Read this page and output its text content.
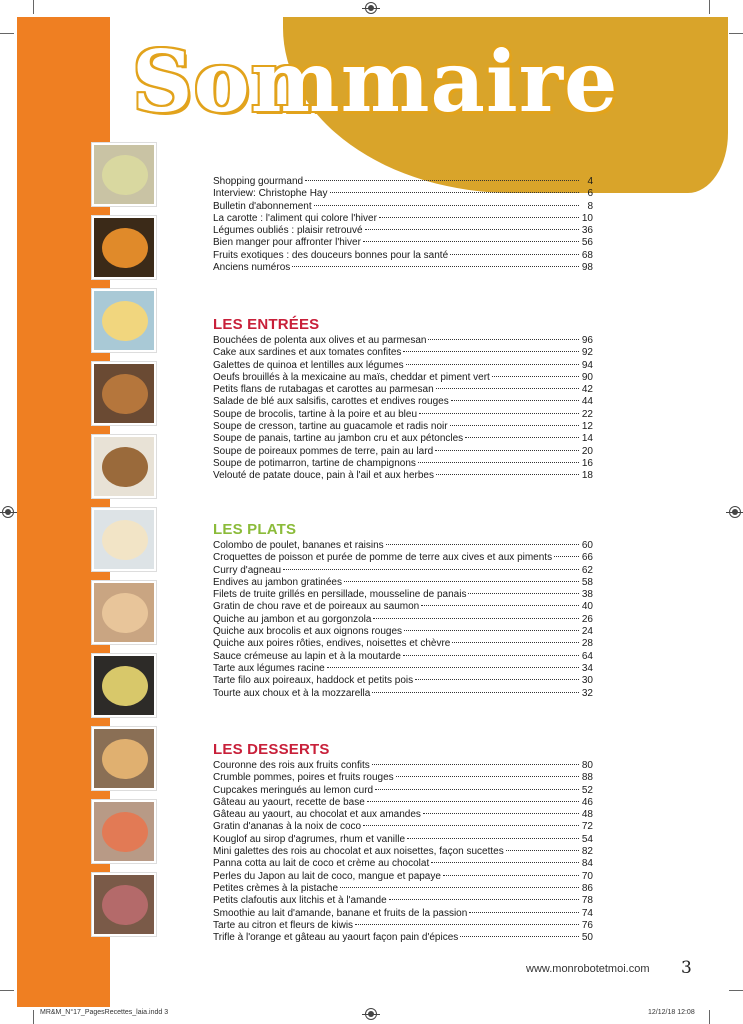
Sommaire
Shopping gourmand	4
Interview: Christophe Hay	6
Bulletin d'abonnement	8
La carotte : l'aliment qui colore l'hiver	10
Légumes oubliés : plaisir retrouvé	36
Bien manger pour affronter l'hiver	56
Fruits exotiques : des douceurs bonnes pour la santé	68
Anciens numéros	98
LES ENTRÉES
Bouchées de polenta aux olives et au parmesan	96
Cake aux sardines et aux tomates confites	92
Galettes de quinoa et lentilles aux légumes	94
Oeufs brouillés à la mexicaine au maïs, cheddar et piment vert	90
Petits flans de rutabagas et carottes au parmesan	42
Salade de blé aux salsifis, carottes et endives rouges	44
Soupe de brocolis, tartine à la poire et au bleu	22
Soupe de cresson, tartine au guacamole et radis noir	12
Soupe de panais, tartine au jambon cru et aux pétoncles	14
Soupe de poireaux pommes de terre, pain au lard	20
Soupe de potimarron, tartine de champignons	16
Velouté de patate douce, pain à l'ail et aux herbes	18
LES PLATS
Colombo de poulet, bananes et raisins	60
Croquettes de poisson et purée de pomme de terre aux cives et aux piments	66
Curry d'agneau	62
Endives au jambon gratinées	58
Filets de truite grillés en persillade, mousseline de panais	38
Gratin de chou rave et de poireaux au saumon	40
Quiche au jambon et au gorgonzola	26
Quiche aux brocolis et aux oignons rouges	24
Quiche aux poires rôties, endives, noisettes et chèvre	28
Sauce crémeuse au lapin et à la moutarde	64
Tarte aux légumes racine	34
Tarte filo aux poireaux, haddock et petits pois	30
Tourte aux choux et à la mozzarella	32
LES DESSERTS
Couronne des rois aux fruits confits	80
Crumble pommes, poires et fruits rouges	88
Cupcakes meringués au lemon curd	52
Gâteau au yaourt, recette de base	46
Gâteau au yaourt, au chocolat et aux amandes	48
Gratin d'ananas à la noix de coco	72
Kouglof au sirop d'agrumes, rhum et vanille	54
Mini galettes des rois au chocolat et aux noisettes, façon sucettes	82
Panna cotta au lait de coco et crème au chocolat	84
Perles du Japon au lait de coco, mangue et papaye	70
Petites crèmes à la pistache	86
Petits clafoutis aux litchis et à l'amande	78
Smoothie au lait d'amande, banane et fruits de la passion	74
Tarte au citron et fleurs de kiwis	76
Trifle à l'orange et gâteau au yaourt façon pain d'épices	50
www.monrobotetmoi.com 3
MR&M_N°17_PagesRecettes_laia.indd 3	12/12/18 12:08
